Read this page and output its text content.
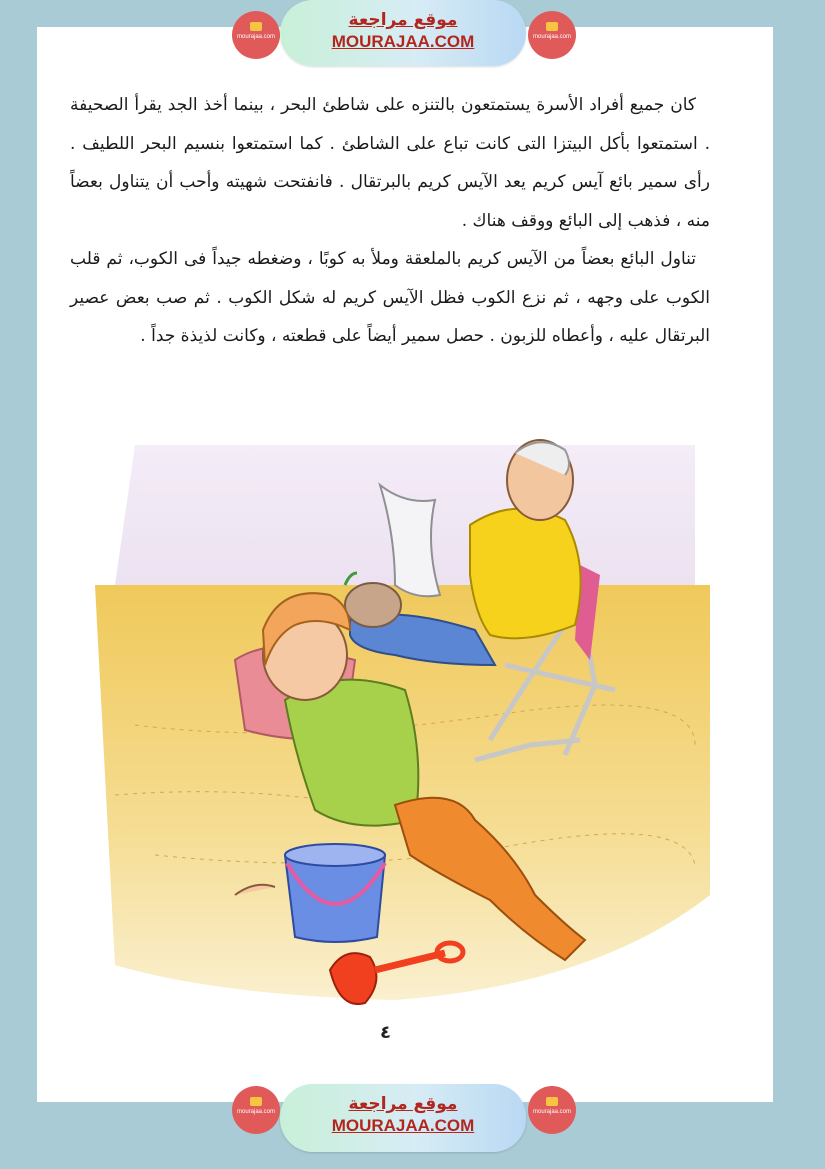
mourajaa.com
موقع مراجعة
MOURAJAA.COM	mourajaa.com

كان جميع أفراد الأسرة يستمتعون بالتنزه على شاطئ البحر ، بينما أخذ الجد يقرأ الصحيفة . استمتعوا بأكل البيتزا التى كانت تباع على الشاطئ . كما استمتعوا بنسيم البحر اللطيف . رأى سمير بائع آيس كريم يعد الآيس كريم بالبرتقال . فانفتحت شهيته وأحب أن يتناول بعضاً منه ، فذهب إلى البائع ووقف هناك .

تناول البائع بعضاً من الآيس كريم بالملعقة وملأ به كوبًا ، وضغطه جيداً فى الكوب، ثم قلب الكوب على وجهه ، ثم نزع الكوب فظل الآيس كريم له شكل الكوب . ثم صب بعض عصير البرتقال عليه ، وأعطاه للزبون . حصل سمير أيضاً على قطعته ، وكانت لذيذة جداً .

٤
mourajaa.com	موقع مراجعة
MOURAJAA.COM
mourajaa.com
